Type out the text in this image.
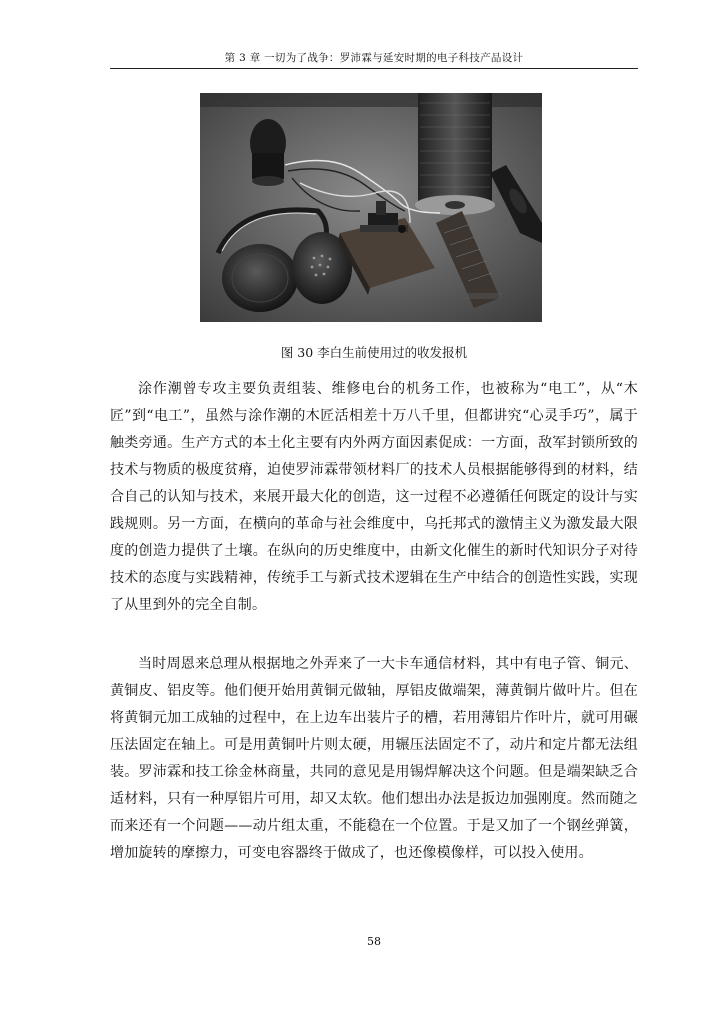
第 3 章 一切为了战争：罗沛霖与延安时期的电子科技产品设计
图 30 李白生前使用过的收发报机

涂作潮曾专攻主要负责组装、维修电台的机务工作，也被称为“电工”，从“木匠”到“电工”，虽然与涂作潮的木匠活相差十万八千里，但都讲究“心灵手巧”，属于触类旁通。生产方式的本土化主要有内外两方面因素促成：一方面，敌军封锁所致的技术与物质的极度贫瘠，迫使罗沛霖带领材料厂的技术人员根据能够得到的材料，结合自己的认知与技术，来展开最大化的创造，这一过程不必遵循任何既定的设计与实践规则。另一方面，在横向的革命与社会维度中，乌托邦式的激情主义为激发最大限度的创造力提供了土壤。在纵向的历史维度中，由新文化催生的新时代知识分子对待技术的态度与实践精神，传统手工与新式技术逻辑在生产中结合的创造性实践，实现了从里到外的完全自制。

当时周恩来总理从根据地之外弄来了一大卡车通信材料，其中有电子管、铜元、黄铜皮、铝皮等。他们便开始用黄铜元做轴，厚铝皮做端架，薄黄铜片做叶片。但在将黄铜元加工成轴的过程中，在上边车出装片子的槽，若用薄铝片作叶片，就可用碾压法固定在轴上。可是用黄铜叶片则太硬，用辗压法固定不了，动片和定片都无法组装。罗沛霖和技工徐金林商量，共同的意见是用锡焊解决这个问题。但是端架缺乏合适材料，只有一种厚铝片可用，却又太软。他们想出办法是扳边加强刚度。然而随之而来还有一个问题——动片组太重，不能稳在一个位置。于是又加了一个钢丝弹簧，增加旋转的摩擦力，可变电容器终于做成了，也还像模像样，可以投入使用。

58
